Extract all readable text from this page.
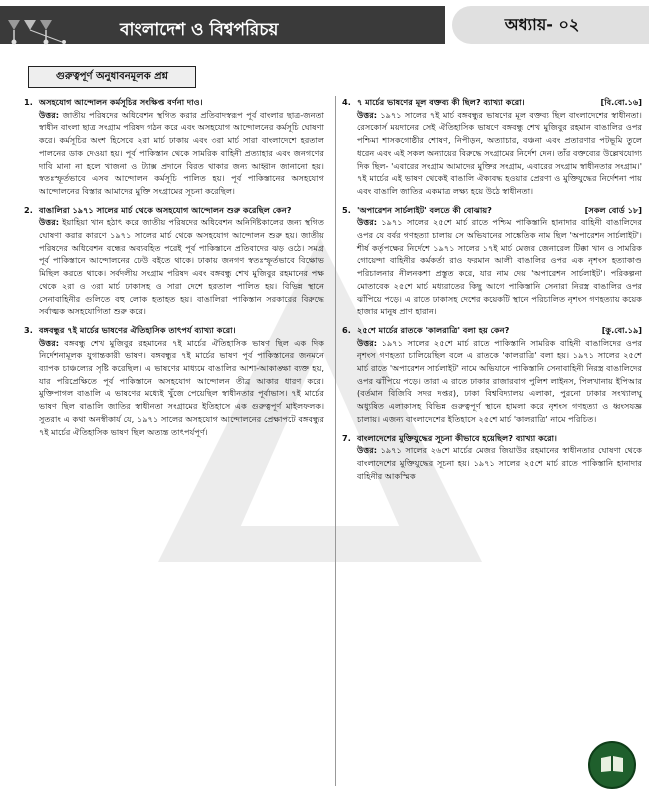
বাংলাদেশ ও বিশ্বপরিচয়	অধ্যায়- ০২
গুরুত্বপূর্ণ অনুধাবনমূলক প্রশ্ন
1. অসহযোগ আন্দোলন কর্মসূচির সংক্ষিপ্ত বর্ণনা দাও।
উত্তর: জাতীয় পরিষদের অধিবেশন স্থগিত করার প্রতিবাদস্বরূপ পূর্ব বাংলার ছাত্র-জনতা স্বাধীন বাংলা ছাত্র সংগ্রাম পরিষদ গঠন করে এবং অসহযোগ আন্দোলনের কর্মসূচি ঘোষণা করে। কর্মসূচির অংশ হিসেবে ২রা মার্চ ঢাকায় এবং ৩রা মার্চ সারা বাংলাদেশে হরতাল পালনের ডাক দেওয়া হয়। পূর্ব পাকিস্তান থেকে সামরিক বাহিনী প্রত্যাহার এবং জনগণের দাবি মানা না হলে খাজনা ও ট্যাক্স প্রদানে বিরত থাকার জন্য আহ্বান জানানো হয়। স্বতঃস্ফূর্তভাবে এসব আন্দোলন কর্মসূচি পালিত হয়। পূর্ব পাকিস্তানের অসহযোগ আন্দোলনের বিস্তার আমাদের মুক্তি সংগ্রামের সূচনা করেছিল।
2. বাঙালিরা ১৯৭১ সালের মার্চ থেকে অসহযোগ আন্দোলন শুরু করেছিল কেন?
উত্তর: ইয়াহিয়া খান হঠাৎ করে জাতীয় পরিষদের অধিবেশন অনির্দিষ্টকালের জন্য স্থগিত ঘোষণা করার কারণে ১৯৭১ সালের মার্চ থেকে অসহযোগ আন্দোলন শুরু হয়। জাতীয় পরিষদের অধিবেশন বন্ধের অব্যবহিত পরেই পূর্ব পাকিস্তানে প্রতিবাদের ঝড় ওঠে। সমগ্র পূর্ব পাকিস্তানে আন্দোলনের ঢেউ বইতে থাকে। ঢাকায় জনগণ স্বতঃস্ফূর্তভাবে বিক্ষোভ মিছিল করতে থাকে। সর্বদলীয় সংগ্রাম পরিষদ এবং বঙ্গবন্ধু শেখ মুজিবুর রহমানের পক্ষ থেকে ২রা ও ৩রা মার্চ ঢাকাসহ ও সারা দেশে হরতাল পালিত হয়। বিভিন্ন স্থানে সেনাবাহিনীর গুলিতে বহু লোক হতাহত হয়। বাঙালিরা পাকিস্তান সরকারের বিরুদ্ধে সর্বাত্মক অসহযোগিতা শুরু করে।
3. বঙ্গবন্ধুর ৭ই মার্চের ভাষণের ঐতিহাসিক তাৎপর্য ব্যাখ্যা করো।
উত্তর: বঙ্গবন্ধু শেখ মুজিবুর রহমানের ৭ই মার্চের ঐতিহাসিক ভাষণ ছিল এক দিক নির্দেশনামূলক যুগান্তকারী ভাষণ। বঙ্গবন্ধুর ৭ই মার্চের ভাষণ পূর্ব পাকিস্তানের জনমনে ব্যাপক চাঞ্চল্যের সৃষ্টি করেছিল। এ ভাষণের মাধ্যমে বাঙালির আশা-আকাঙ্ক্ষা ব্যক্ত হয়, যার পরিপ্রেক্ষিতে পূর্ব পাকিস্তানে অসহযোগ আন্দোলন তীব্র আকার ধারণ করে। মুক্তিপাগল বাঙালি এ ভাষণের মধ্যেই খুঁজে পেয়েছিল স্বাধীনতার পূর্বাভাস। ৭ই মার্চের ভাষণ ছিল বাঙালি জাতির স্বাধীনতা সংগ্রামের ইতিহাসে এক গুরুত্বপূর্ণ মাইলফলক। সুতরাং এ কথা অনস্বীকার্য যে, ১৯৭১ সালের অসহযোগ আন্দোলনের প্রেক্ষাপটে বঙ্গবন্ধুর ৭ই মার্চের ঐতিহাসিক ভাষণ ছিল অত্যন্ত তাৎপর্যপূর্ণ।
4. ৭ মার্চের ভাষণের মূল বক্তব্য কী ছিল? ব্যাখ্যা করো।	[বি.বো.১৬]
উত্তর: ১৯৭১ সালের ৭ই মার্চ বঙ্গবন্ধুর ভাষণের মূল বক্তব্য ছিল বাংলাদেশের স্বাধীনতা। রেসকোর্স ময়দানের সেই ঐতিহাসিক ভাষণে বঙ্গবন্ধু শেখ মুজিবুর রহমান বাঙালির ওপর পশ্চিমা শাসকগোষ্ঠীর শোষণ, নিপীড়ন, অত্যাচার, বঞ্চনা এবং প্রতারণার পটভূমি তুলে ধরেন এবং এই সকল অন্যায়ের বিরুদ্ধে সংগ্রামের নির্দেশ দেন। তাঁর বক্তব্যের উল্লেখযোগ্য দিক ছিল- 'এবারের সংগ্রাম আমাদের মুক্তির সংগ্রাম, এবারের সংগ্রাম স্বাধীনতার সংগ্রাম।' ৭ই মার্চের এই ভাষণ থেকেই বাঙালি ঐক্যবদ্ধ হওয়ার প্রেরণা ও মুক্তিযুদ্ধের নির্দেশনা পায় এবং বাঙালি জাতির একমাত্র লক্ষ্য হয়ে উঠে স্বাধীনতা।
5. 'অপারেশন সার্চলাইট' বলতে কী বোঝায়?	[সকল বোর্ড ১৮]
উত্তর: ১৯৭১ সালের ২৫শে মার্চ রাতে পশ্চিম পাকিস্তানি হানাদার বাহিনী বাঙালিদের ওপর যে বর্বর গণহত্যা চালায় সে অভিযানের সাঙ্কেতিক নাম ছিল 'অপারেশন সার্চলাইট'। শীর্ষ কর্তৃপক্ষের নির্দেশে ১৯৭১ সালের ১৭ই মার্চ মেজর জেনারেল টিক্কা খান ও সামরিক গোয়েন্দা বাহিনীর কর্মকর্তা রাও ফরমান আলী বাঙালির ওপর এক নৃশংস হত্যাকাণ্ড পরিচালনার নীলনকশা প্রস্তুত করে, যার নাম দেয় 'অপারেশন সার্চলাইট'। পরিকল্পনা মোতাবেক ২৫শে মার্চ মধ্যরাতের কিছু আগে পাকিস্তানি সেনারা নিরস্ত্র বাঙালির ওপর ঝাঁপিয়ে পড়ে। এ রাতে ঢাকাসহ দেশের কয়েকটি স্থানে পরিচালিত নৃশংস গণহত্যায় কয়েক হাজার মানুষ প্রাণ হারান।
6. ২৫শে মার্চের রাতকে 'কালরাত্রি' বলা হয় কেন?	[কু.বো.১৯]
উত্তর: ১৯৭১ সালের ২৫শে মার্চ রাতে পাকিস্তানি সামরিক বাহিনী বাঙালিদের ওপর নৃশংস গণহত্যা চালিয়েছিল বলে এ রাতকে 'কালরাত্রি' বলা হয়। ১৯৭১ সালের ২৫শে মার্চ রাতে 'অপারেশন সার্চলাইট' নামে অভিযানে পাকিস্তানি সেনাবাহিনী নিরস্ত্র বাঙালিদের ওপর ঝাঁপিয়ে পড়ে। তারা এ রাতে ঢাকার রাজারবাগ পুলিশ লাইনস, পিলখানায় ইপিআর (বর্তমান বিজিবি সদর দপ্তর), ঢাকা বিশ্ববিদ্যালয় এলাকা, পুরনো ঢাকার সংখ্যালঘু অধ্যুষিত এলাকাসহ বিভিন্ন গুরুত্বপূর্ণ স্থানে হামলা করে নৃশংস গণহত্যা ও ধ্বংসযজ্ঞ চালায়। এজন্য বাংলাদেশের ইতিহাসে ২৫শে মার্চ 'কালরাত্রি' নামে পরিচিত।
7. বাংলাদেশের মুক্তিযুদ্ধের সূচনা কীভাবে হয়েছিল? ব্যাখ্যা করো।
উত্তর: ১৯৭১ সালের ২৬শে মার্চের মেজর জিয়াউর রহমানের স্বাধীনতার ঘোষণা থেকে বাংলাদেশের মুক্তিযুদ্ধের সূচনা হয়। ১৯৭১ সালের ২৫শে মার্চ রাতে পাকিস্তানি হানাদার বাহিনীর আকস্মিক
